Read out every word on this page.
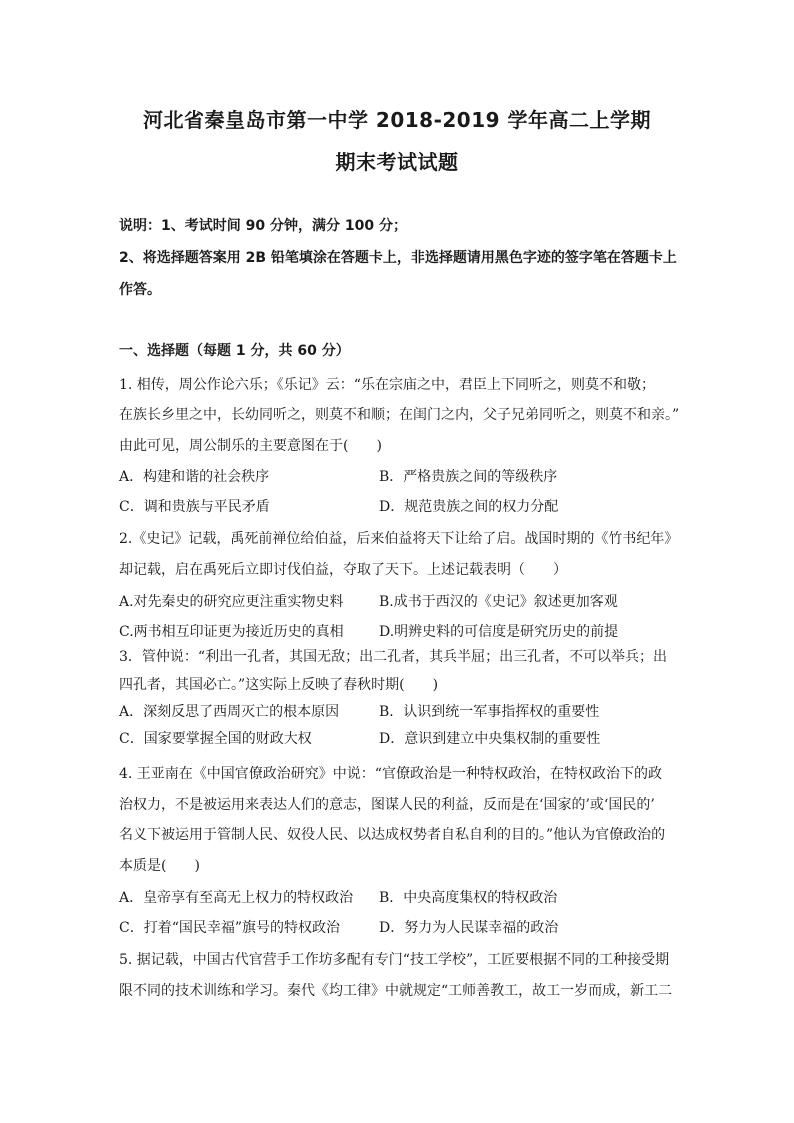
河北省秦皇岛市第一中学 2018-2019 学年高二上学期
期末考试试题
说明：1、考试时间 90 分钟，满分 100 分；
2、将选择题答案用 2B 铅笔填涂在答题卡上，非选择题请用黑色字迹的签字笔在答题卡上
作答。
一、选择题（每题 1 分，共 60 分）
1. 相传，周公作论六乐；《乐记》云：“乐在宗庙之中，君臣上下同听之，则莫不和敬；
在族长乡里之中，长幼同听之，则莫不和顺；在闺门之内，父子兄弟同听之，则莫不和亲。”
由此可见，周公制乐的主要意图在于(　　)
A．构建和谐的社会秩序	B．严格贵族之间的等级秩序
C．调和贵族与平民矛盾	D．规范贵族之间的权力分配
2.《史记》记载，禹死前禅位给伯益，后来伯益将天下让给了启。战国时期的《竹书纪年》
却记载，启在禹死后立即讨伐伯益，夺取了天下。上述记载表明（　　）
A.对先秦史的研究应更注重实物史料	B.成书于西汉的《史记》叙述更加客观
C.两书相互印证更为接近历史的真相	D.明辨史料的可信度是研究历史的前提
3．管仲说：“利出一孔者，其国无敌；出二孔者，其兵半屈；出三孔者，不可以举兵；出
四孔者，其国必亡。”这实际上反映了春秋时期(　　)
A．深刻反思了西周灭亡的根本原因	B．认识到统一军事指挥权的重要性
C．国家要掌握全国的财政大权	D．意识到建立中央集权制的重要性
4. 王亚南在《中国官僚政治研究》中说：“官僚政治是一种特权政治，在特权政治下的政
治权力，不是被运用来表达人们的意志，图谋人民的利益，反而是在‘国家的’或‘国民的’
名义下被运用于管制人民、奴役人民、以达成权势者自私自利的目的。”他认为官僚政治的
本质是(　　)
A．皇帝享有至高无上权力的特权政治 B．中央高度集权的特权政治
C．打着“国民幸福”旗号的特权政治	D．努力为人民谋幸福的政治
5. 据记载，中国古代官营手工作坊多配有专门“技工学校”，工匠要根据不同的工种接受期
限不同的技术训练和学习。秦代《均工律》中就规定“工师善教工，故工一岁而成，新工二
